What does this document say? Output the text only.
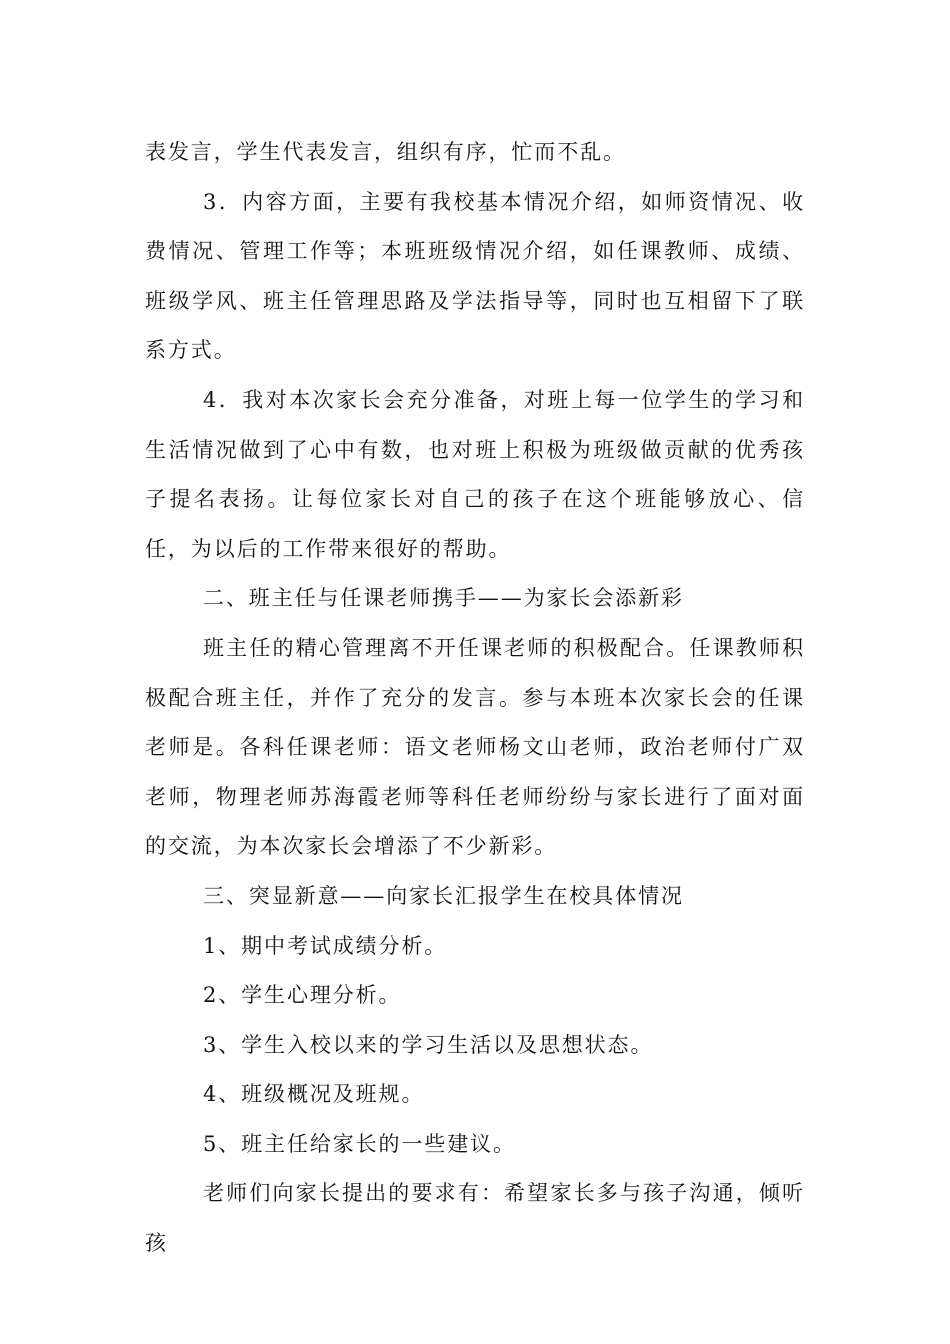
表发言，学生代表发言，组织有序，忙而不乱。

3．内容方面，主要有我校基本情况介绍，如师资情况、收费情况、管理工作等；本班班级情况介绍，如任课教师、成绩、班级学风、班主任管理思路及学法指导等，同时也互相留下了联系方式。

4．我对本次家长会充分准备，对班上每一位学生的学习和生活情况做到了心中有数，也对班上积极为班级做贡献的优秀孩子提名表扬。让每位家长对自己的孩子在这个班能够放心、信任，为以后的工作带来很好的帮助。

二、班主任与任课老师携手——为家长会添新彩

班主任的精心管理离不开任课老师的积极配合。任课教师积极配合班主任，并作了充分的发言。参与本班本次家长会的任课老师是。各科任课老师：语文老师杨文山老师，政治老师付广双老师，物理老师苏海霞老师等科任老师纷纷与家长进行了面对面的交流，为本次家长会增添了不少新彩。

三、突显新意——向家长汇报学生在校具体情况

1、期中考试成绩分析。

2、学生心理分析。

3、学生入校以来的学习生活以及思想状态。

4、班级概况及班规。

5、班主任给家长的一些建议。

老师们向家长提出的要求有：希望家长多与孩子沟通，倾听孩
